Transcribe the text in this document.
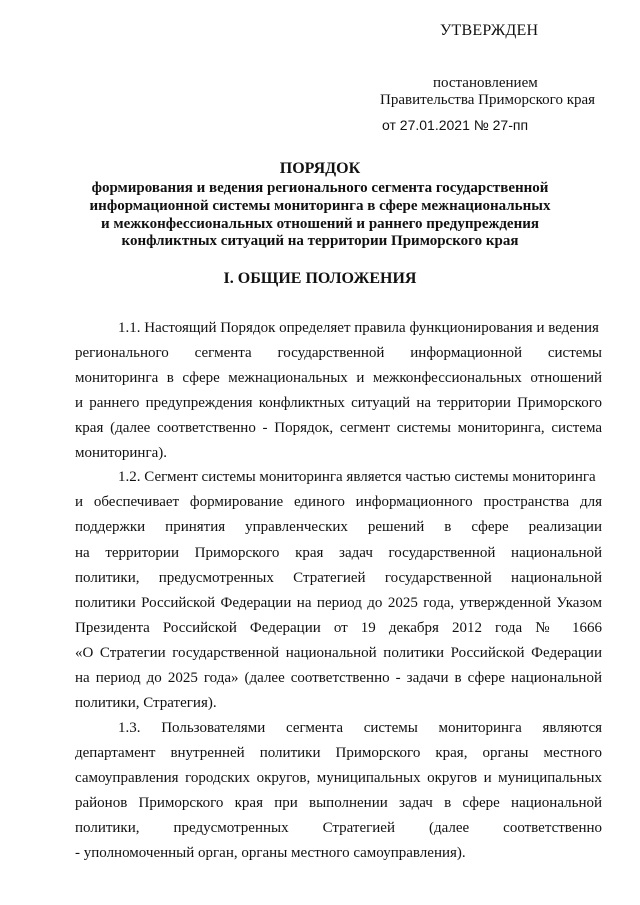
УТВЕРЖДЕН
постановлением
Правительства Приморского края
от 27.01.2021 № 27-пп
ПОРЯДОК
формирования и ведения регионального сегмента государственной
информационной системы мониторинга в сфере межнациональных
и межконфессиональных отношений и раннего предупреждения
конфликтных ситуаций на территории Приморского края
I. ОБЩИЕ ПОЛОЖЕНИЯ
1.1. Настоящий Порядок определяет правила функционирования и ведения
регионального сегмента государственной информационной системы
мониторинга в сфере межнациональных и межконфессиональных отношений
и раннего предупреждения конфликтных ситуаций на территории Приморского
края (далее соответственно - Порядок, сегмент системы мониторинга, система
мониторинга).
1.2. Сегмент системы мониторинга является частью системы мониторинга
и обеспечивает формирование единого информационного пространства для
поддержки принятия управленческих решений в сфере реализации
на территории Приморского края задач государственной национальной
политики, предусмотренных Стратегией государственной национальной
политики Российской Федерации на период до 2025 года, утвержденной Указом
Президента Российской Федерации от 19 декабря 2012 года № 1666
«О Стратегии государственной национальной политики Российской Федерации
на период до 2025 года» (далее соответственно - задачи в сфере национальной
политики, Стратегия).
1.3. Пользователями сегмента системы мониторинга являются
департамент внутренней политики Приморского края, органы местного
самоуправления городских округов, муниципальных округов и муниципальных
районов Приморского края при выполнении задач в сфере национальной
политики, предусмотренных Стратегией (далее соответственно
- уполномоченный орган, органы местного самоуправления).
